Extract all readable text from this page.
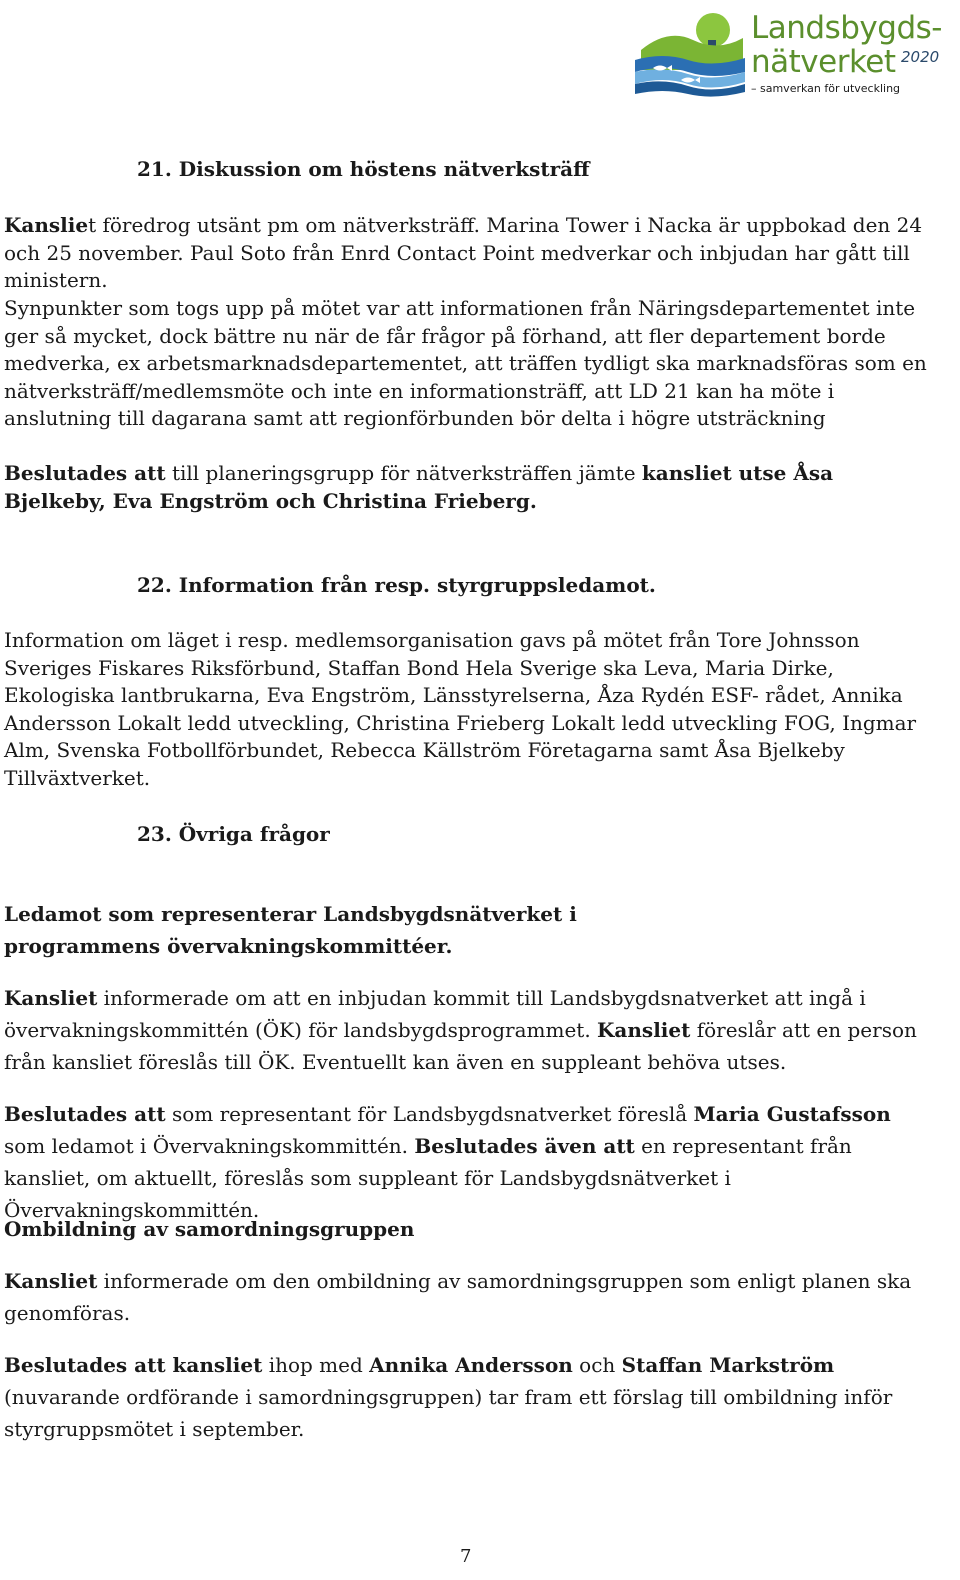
Landsbygds-
nätverket 2020
– samverkan för utveckling
21. Diskussion om höstens nätverksträff
Kansliet föredrog utsänt pm om nätverksträff. Marina Tower i Nacka är uppbokad den 24 och 25 november. Paul Soto från Enrd Contact Point medverkar och inbjudan har gått till ministern.
Synpunkter som togs upp på mötet var att informationen från Näringsdepartementet inte ger så mycket, dock bättre nu när de får frågor på förhand, att fler departement borde medverka, ex arbetsmarknadsdepartementet, att träffen tydligt ska marknadsföras som en nätverksträff/medlemsmöte och inte en informationsträff, att LD 21 kan ha möte i anslutning till dagarana samt att regionförbunden bör delta i högre utsträckning
Beslutades att till planeringsgrupp för nätverksträffen jämte kansliet utse Åsa Bjelkeby, Eva Engström och Christina Frieberg.
22. Information från resp. styrgruppsledamot.
Information om läget i resp. medlemsorganisation gavs på mötet från Tore Johnsson Sveriges Fiskares Riksförbund, Staffan Bond Hela Sverige ska Leva, Maria Dirke, Ekologiska lantbrukarna, Eva Engström, Länsstyrelserna, Åza Rydén ESF- rådet, Annika Andersson Lokalt ledd utveckling, Christina Frieberg Lokalt ledd utveckling FOG, Ingmar Alm, Svenska Fotbollförbundet, Rebecca Källström Företagarna samt Åsa Bjelkeby Tillväxtverket.
23. Övriga frågor
Ledamot som representerar Landsbygdsnätverket i programmens övervakningskommittéer.
Kansliet informerade om att en inbjudan kommit till Landsbygdsnatverket att ingå i övervakningskommittén (ÖK) för landsbygdsprogrammet. Kansliet föreslår att en person från kansliet föreslås till ÖK. Eventuellt kan även en suppleant behöva utses.
Beslutades att som representant för Landsbygdsnatverket föreslå Maria Gustafsson som ledamot i Övervakningskommittén. Beslutades även att en representant från kansliet, om aktuellt, föreslås som suppleant för Landsbygdsnätverket i Övervakningskommittén.
Ombildning av samordningsgruppen
Kansliet informerade om den ombildning av samordningsgruppen som enligt planen ska genomföras.
Beslutades att kansliet ihop med Annika Andersson och Staffan Markström (nuvarande ordförande i samordningsgruppen) tar fram ett förslag till ombildning inför styrgruppsmötet i september.
7
